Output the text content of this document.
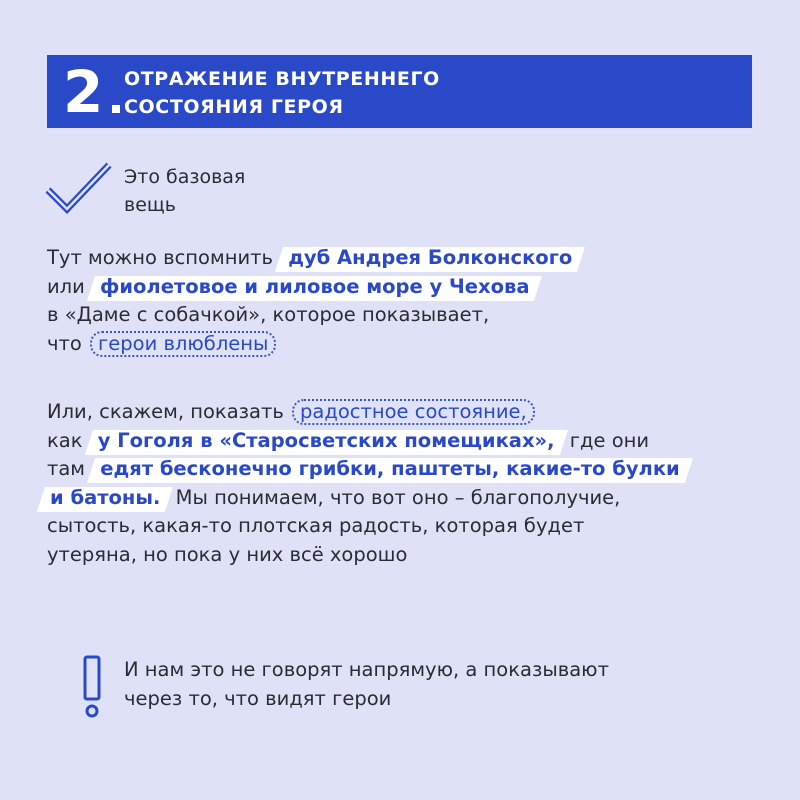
2 ОТРАЖЕНИЕ ВНУТРЕННЕГО
СОСТОЯНИЯ ГЕРОЯ
Это базовая
вещь
Тут можно вспомнить дуб Андрея Болконского
или фиолетовое и лиловое море у Чехова
в «Даме с собачкой», которое показывает,
что герои влюблены
Или, скажем, показать радостное состояние,
как у Гоголя в «Старосветских помещиках», где они
там едят бесконечно грибки, паштеты, какие-то булки
и батоны. Мы понимаем, что вот оно – благополучие,
сытость, какая-то плотская радость, которая будет
утеряна, но пока у них всё хорошо
И нам это не говорят напрямую, а показывают
через то, что видят герои
